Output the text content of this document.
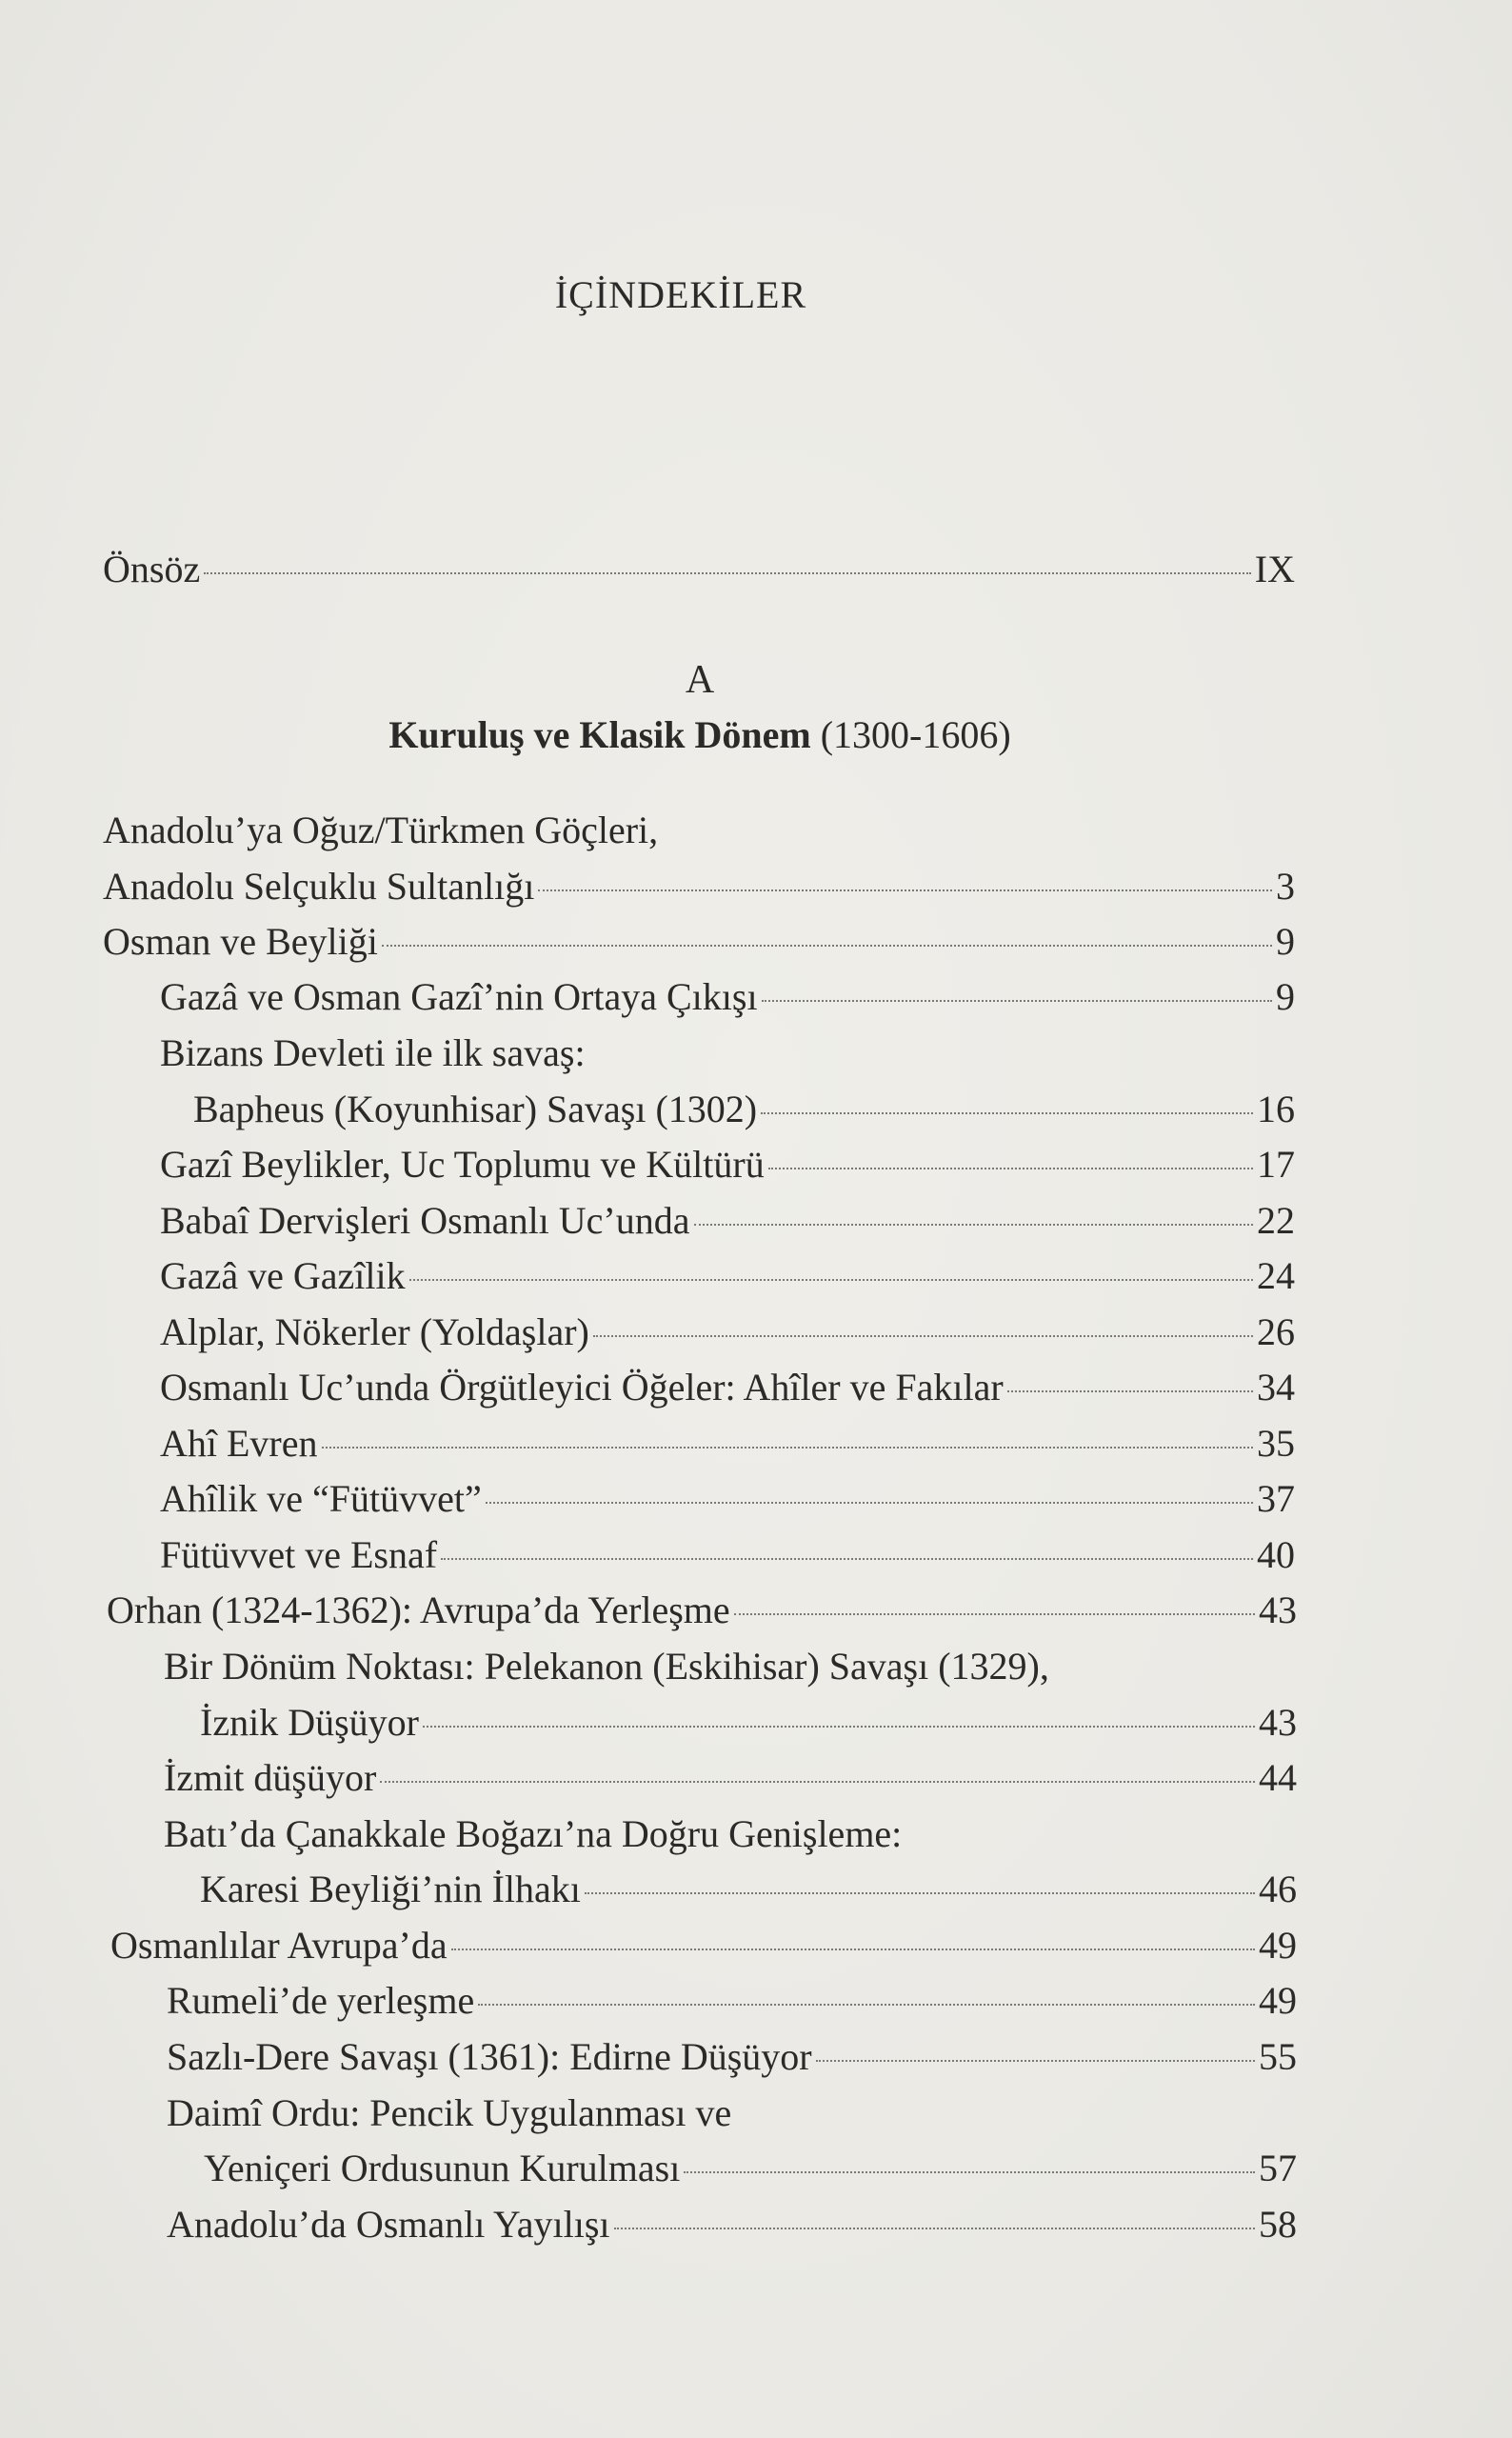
İÇİNDEKİLER
Önsöz	IX
A
Kuruluş ve Klasik Dönem (1300-1606)
Anadolu’ya Oğuz/Türkmen Göçleri,
Anadolu Selçuklu Sultanlığı	3
Osman ve Beyliği	9
Gazâ ve Osman Gazî’nin Ortaya Çıkışı	9
Bizans Devleti ile ilk savaş:
Bapheus (Koyunhisar) Savaşı (1302)	16
Gazî Beylikler, Uc Toplumu ve Kültürü	17
Babaî Dervişleri Osmanlı Uc’unda	22
Gazâ ve Gazîlik	24
Alplar, Nökerler (Yoldaşlar)	26
Osmanlı Uc’unda Örgütleyici Öğeler: Ahîler ve Fakılar	34
Ahî Evren	35
Ahîlik ve “Fütüvvet”	37
Fütüvvet ve Esnaf	40
Orhan (1324-1362): Avrupa’da Yerleşme	43
Bir Dönüm Noktası: Pelekanon (Eskihisar) Savaşı (1329),
İznik Düşüyor	43
İzmit düşüyor	44
Batı’da Çanakkale Boğazı’na Doğru Genişleme:
Karesi Beyliği’nin İlhakı	46
Osmanlılar Avrupa’da	49
Rumeli’de yerleşme	49
Sazlı-Dere Savaşı (1361): Edirne Düşüyor	55
Daimî Ordu: Pencik Uygulanması ve
Yeniçeri Ordusunun Kurulması	57
Anadolu’da Osmanlı Yayılışı	58
